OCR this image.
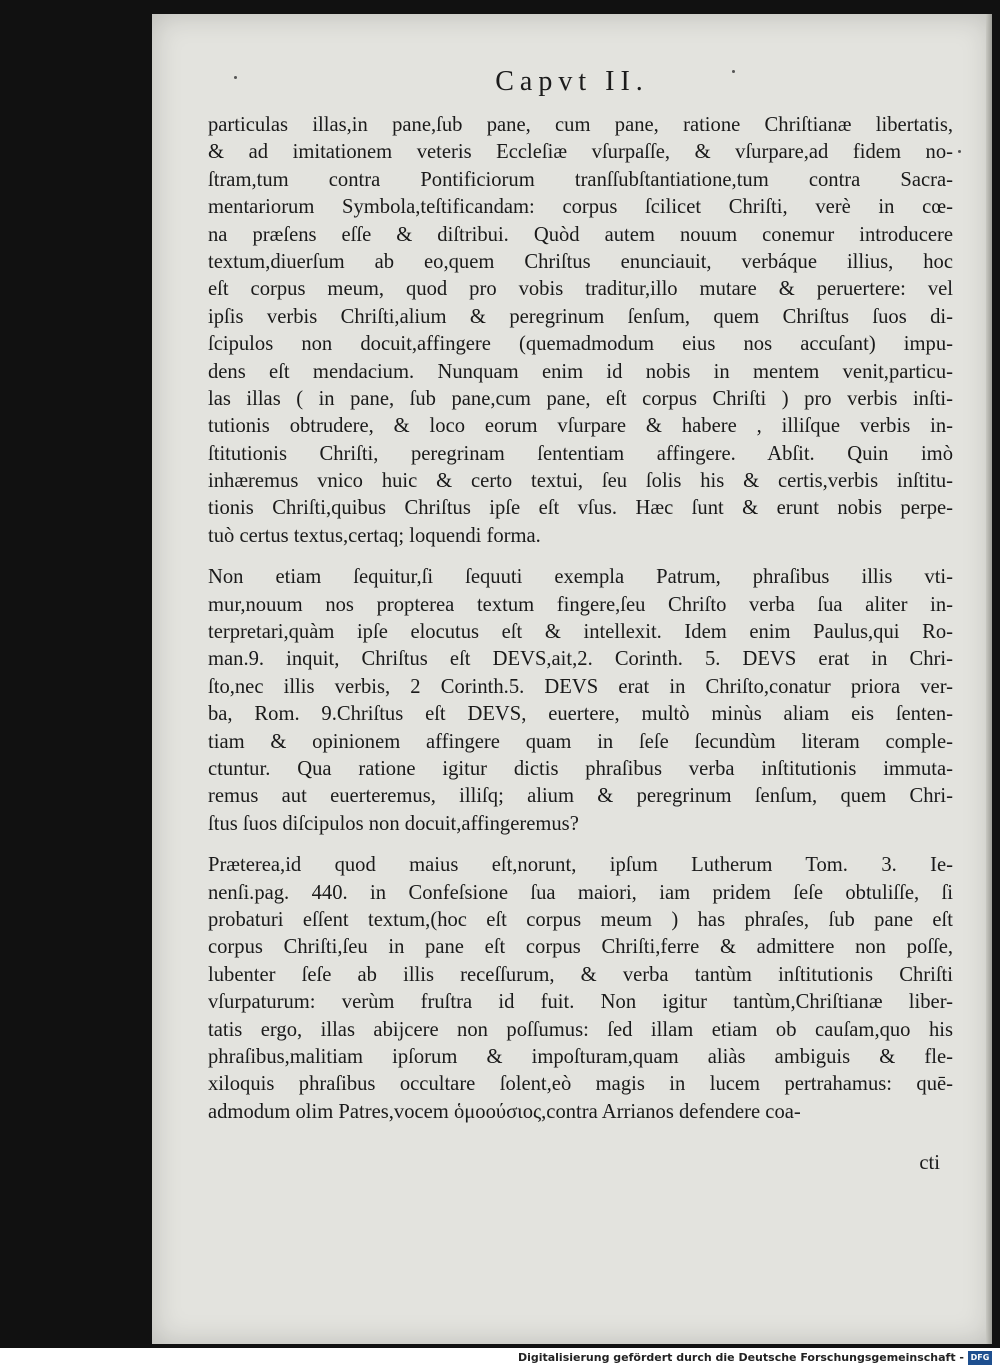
Capvt II.
particulas illas,in pane,ſub pane, cum pane, ratione Chriſtianæ libertatis,
& ad imitationem veteris Eccleſiæ vſurpaſſe, & vſurpare,ad fidem no-
ſtram,tum contra Pontificiorum tranſſubſtantiatione,tum contra Sacra-
mentariorum Symbola,teſtificandam: corpus ſcilicet Chriſti, verè in cœ-
na præſens eſſe & diſtribui. Quòd autem nouum conemur introducere
textum,diuerſum ab eo,quem Chriſtus enunciauit, verbáque illius, hoc
eſt corpus meum, quod pro vobis traditur,illo mutare & peruertere: vel
ipſis verbis Chriſti,alium & peregrinum ſenſum, quem Chriſtus ſuos di-
ſcipulos non docuit,affingere (quemadmodum eius nos accuſant) impu-
dens eſt mendacium. Nunquam enim id nobis in mentem venit,particu-
las illas ( in pane, ſub pane,cum pane, eſt corpus Chriſti ) pro verbis inſti-
tutionis obtrudere, & loco eorum vſurpare & habere , illiſque verbis in-
ſtitutionis Chriſti, peregrinam ſententiam affingere. Abſit. Quin imò
inhæremus vnico huic & certo textui, ſeu ſolis his & certis,verbis inſtitu-
tionis Chriſti,quibus Chriſtus ipſe eſt vſus. Hæc ſunt & erunt nobis perpe-
tuò certus textus,certaq; loquendi forma.
Non etiam ſequitur,ſi ſequuti exempla Patrum, phraſibus illis vti-
mur,nouum nos propterea textum fingere,ſeu Chriſto verba ſua aliter in-
terpretari,quàm ipſe elocutus eſt & intellexit. Idem enim Paulus,qui Ro-
man.9. inquit, Chriſtus eſt DEVS,ait,2. Corinth. 5. DEVS erat in Chri-
ſto,nec illis verbis, 2 Corinth.5. DEVS erat in Chriſto,conatur priora ver-
ba, Rom. 9.Chriſtus eſt DEVS, euertere, multò minùs aliam eis ſenten-
tiam & opinionem affingere quam in ſeſe ſecundùm literam comple-
ctuntur. Qua ratione igitur dictis phraſibus verba inſtitutionis immuta-
remus aut euerteremus, illiſq; alium & peregrinum ſenſum, quem Chri-
ſtus ſuos diſcipulos non docuit,affingeremus?
Præterea,id quod maius eſt,norunt, ipſum Lutherum Tom. 3. Ie-
nenſi.pag. 440. in Confeſsione ſua maiori, iam pridem ſeſe obtuliſſe, ſi
probaturi eſſent textum,(hoc eſt corpus meum ) has phraſes, ſub pane eſt
corpus Chriſti,ſeu in pane eſt corpus Chriſti,ferre & admittere non poſſe,
lubenter ſeſe ab illis receſſurum, & verba tantùm inſtitutionis Chriſti
vſurpaturum: verùm fruſtra id fuit. Non igitur tantùm,Chriſtianæ liber-
tatis ergo, illas abijcere non poſſumus: ſed illam etiam ob cauſam,quo his
phraſibus,malitiam ipſorum & impoſturam,quam aliàs ambiguis & fle-
xiloquis phraſibus occultare ſolent,eò magis in lucem pertrahamus: quē-
admodum olim Patres,vocem ὁμοούσιος,contra Arrianos defendere coa-
cti
Digitalisierung gefördert durch die Deutsche Forschungsgemeinschaft - DFG
